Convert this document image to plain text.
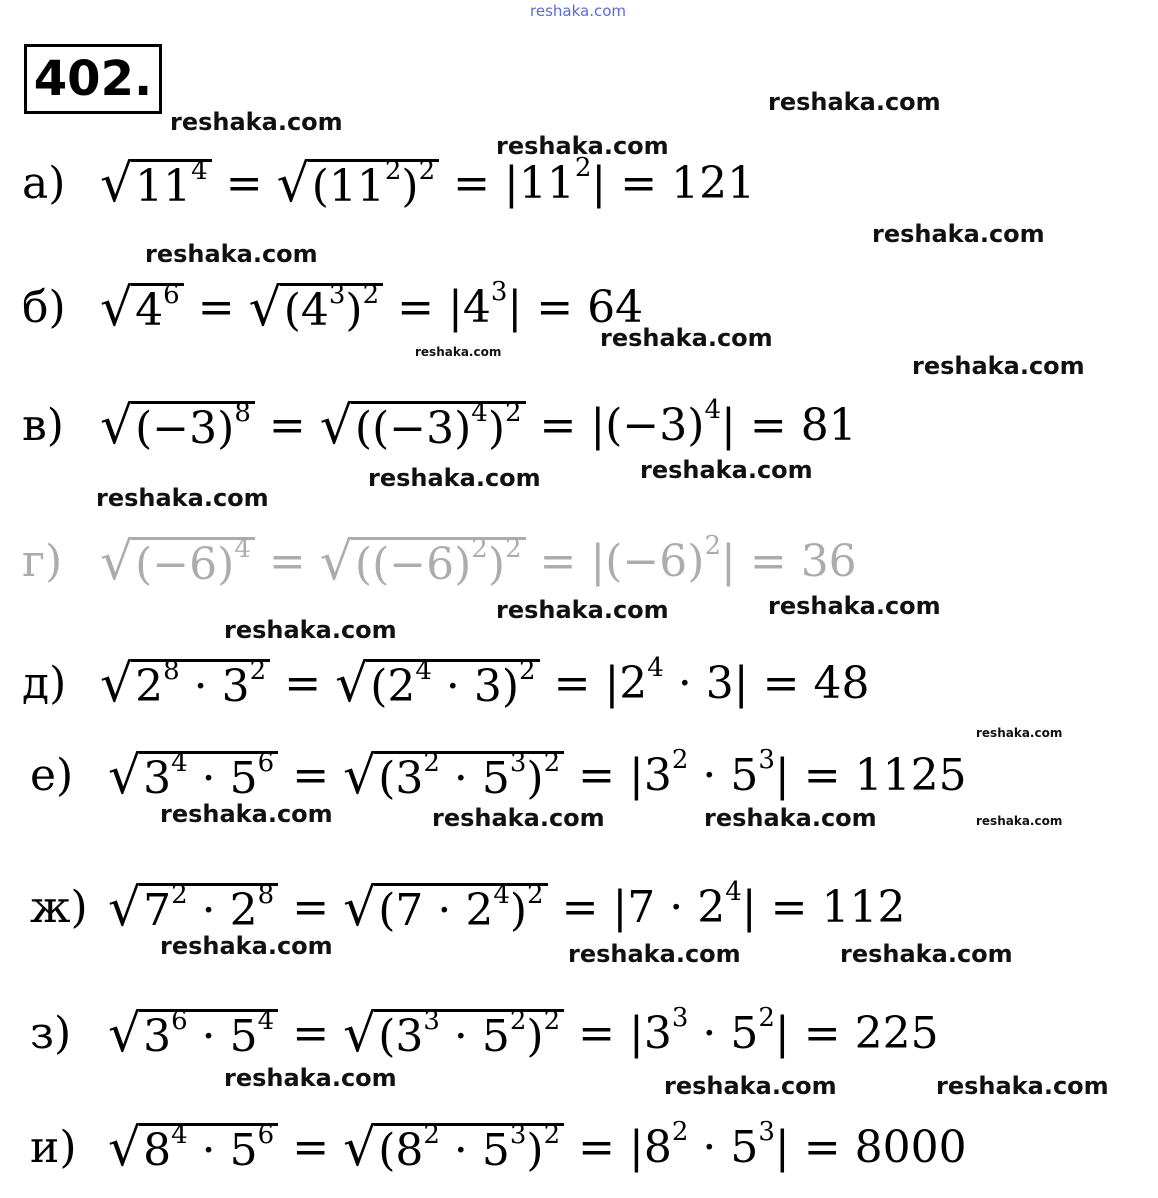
reshaka.com
402.
reshaka.com
reshaka.com
reshaka.com
reshaka.com
reshaka.com
reshaka.com
reshaka.com	reshaka.com
reshaka.com	reshaka.com
reshaka.com
reshaka.com	reshaka.com
reshaka.com
reshaka.com
reshaka.com	reshaka.com	reshaka.com	reshaka.com
reshaka.com	reshaka.com	reshaka.com
reshaka.com	reshaka.com	reshaka.com
а) √ $11^4$ = √ $(11^2)^2 = |11^2| = 121$
б) √ $4^6$ = √ $(4^3)^2 = |4^3| = 64$
в) √ $(-3)^8$ = √ $((-3)^4)^2 = |(-3)^4| = 81$
г) √ $(-6)^4$ = √ $((-6)^2)^2 = |(-6)^2| = 36$
д) √ $2^8 \cdot 3^2$ = √ $(2^4 \cdot 3)^2 = |2^4 \cdot 3| = 48$
е) √ $3^4 \cdot 5^6$ = √ $(3^2 \cdot 5^3)^2 = |3^2 \cdot 5^3| = 1125$
ж) √ $7^2 \cdot 2^8$ = √ $(7 \cdot 2^4)^2 = |7 \cdot 2^4| = 112$
з) √ $3^6 \cdot 5^4$ = √ $(3^3 \cdot 5^2)^2 = |3^3 \cdot 5^2| = 225$
и) √ $8^4 \cdot 5^6$ = √ $(8^2 \cdot 5^3)^2 = |8^2 \cdot 5^3| = 8000$
